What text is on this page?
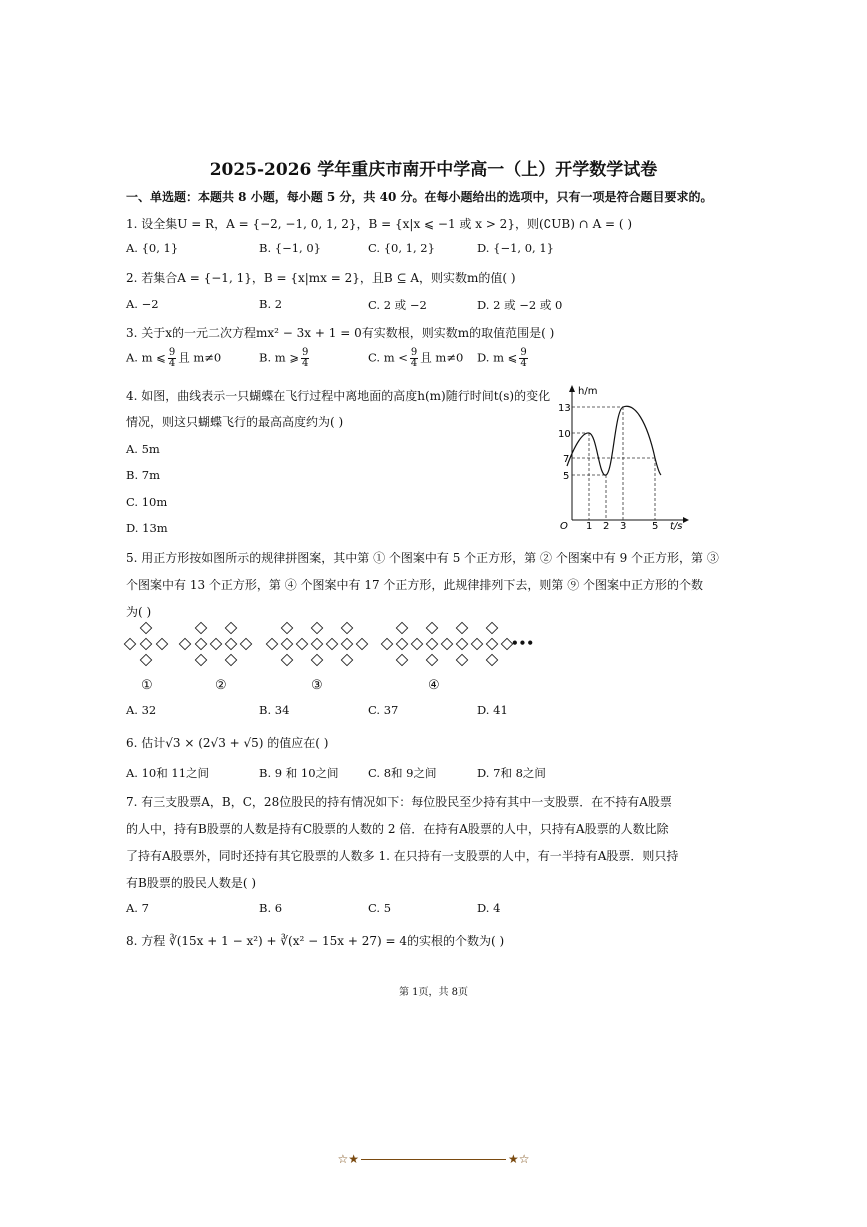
2025-2026 学年重庆市南开中学高一（上）开学数学试卷
一、单选题：本题共 8 小题，每小题 5 分，共 40 分。在每小题给出的选项中，只有一项是符合题目要求的。
1. 设全集U = R，A = {−2, −1, 0, 1, 2}，B = {x|x ⩽ −1 或 x > 2}，则(∁UB) ∩ A = ( )
A. {0, 1}	B. {−1, 0}	C. {0, 1, 2}	D. {−1, 0, 1}
2. 若集合A = {−1, 1}，B = {x|mx = 2}，且B ⊆ A，则实数m的值( )
A. −2	B. 2	C. 2 或 −2	D. 2 或 −2 或 0
3. 关于x的一元二次方程mx² − 3x + 1 = 0有实数根，则实数m的取值范围是( )
A. m ⩽ $\frac{9}{4}$ 且 m≠0	B. m ⩾ $\frac{9}{4}$	C. $m < \frac{9}{4}$ 且 m≠0 D. m ⩽ $\frac{9}{4}$
4. 如图，曲线表示一只蝴蝶在飞行过程中离地面的高度h(m)随行时间t(s)的变化
情况，则这只蝴蝶飞行的最高高度约为( )
A. 5m
B. 7m
C. 10m
D. 13m
h/m
t/s
O
13
10
7
5
1 2 3	5
5. 用正方形按如图所示的规律拼图案，其中第 ① 个图案中有 5 个正方形，第 ② 个图案中有 9 个正方形，第 ③
个图案中有 13 个正方形，第 ④ 个图案中有 17 个正方形，此规律排列下去，则第 ⑨ 个图案中正方形的个数
为( )
•••
①	②	③	④
A. 32	B. 34	C. 37	D. 41
6. 估计√3 × (2√3 + √5) 的值应在( )
A. 10和 11之间	B. 9 和 10之间	C. 8和 9之间	D. 7和 8之间
7. 有三支股票A，B，C，28位股民的持有情况如下：每位股民至少持有其中一支股票．在不持有A股票
的人中，持有B股票的人数是持有C股票的人数的 2 倍．在持有A股票的人中，只持有A股票的人数比除
了持有A股票外，同时还持有其它股票的人数多 1. 在只持有一支股票的人中，有一半持有A股票．则只持
有B股票的股民人数是( )
A. 7	B. 6	C. 5	D. 4
8. 方程 ∛(15x + 1 − x²) + ∛(x² − 15x + 27) = 4的实根的个数为( )
第 1页，共 8页
☆★	★☆
